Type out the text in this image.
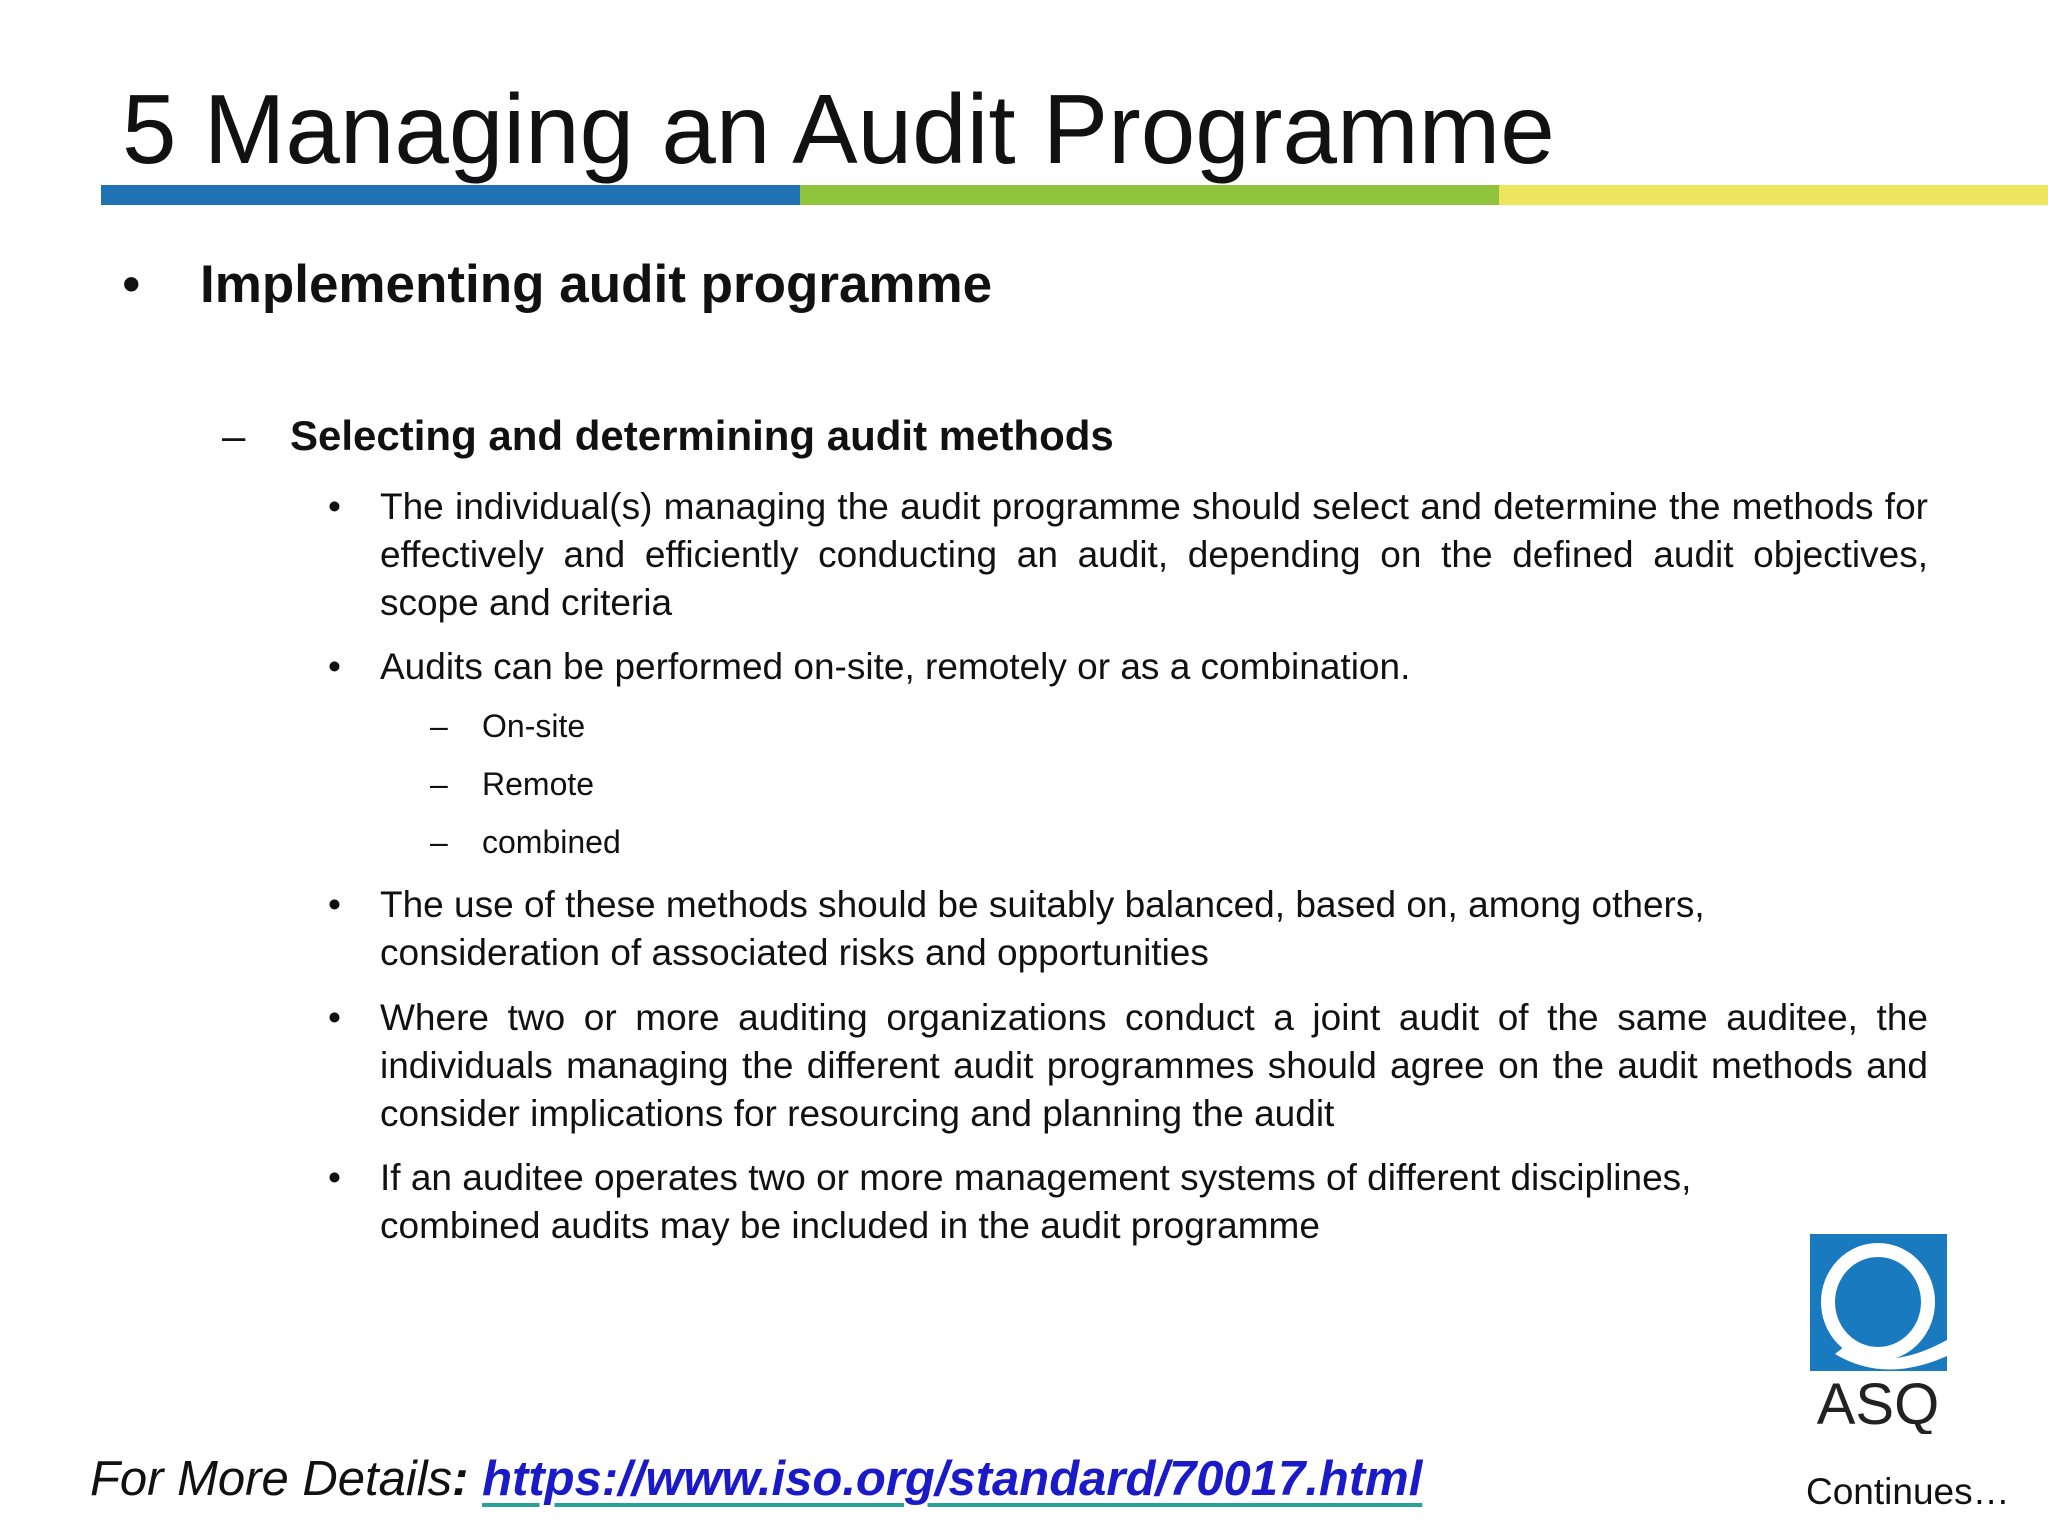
5 Managing an Audit Programme
• Implementing audit programme
– Selecting and determining audit methods
• The individual(s) managing the audit programme should select and determine the methods for effectively and efficiently conducting an audit, depending on the defined audit objectives, scope and criteria
• Audits can be performed on-site, remotely or as a combination.
– On-site
– Remote
– combined
• The use of these methods should be suitably balanced, based on, among others, consideration of associated risks and opportunities
• Where two or more auditing organizations conduct a joint audit of the same auditee, the individuals managing the different audit programmes should agree on the audit methods and consider implications for resourcing and planning the audit
• If an auditee operates two or more management systems of different disciplines, combined audits may be included in the audit programme
ASQ
For More Details: https://www.iso.org/standard/70017.html	Continues…
